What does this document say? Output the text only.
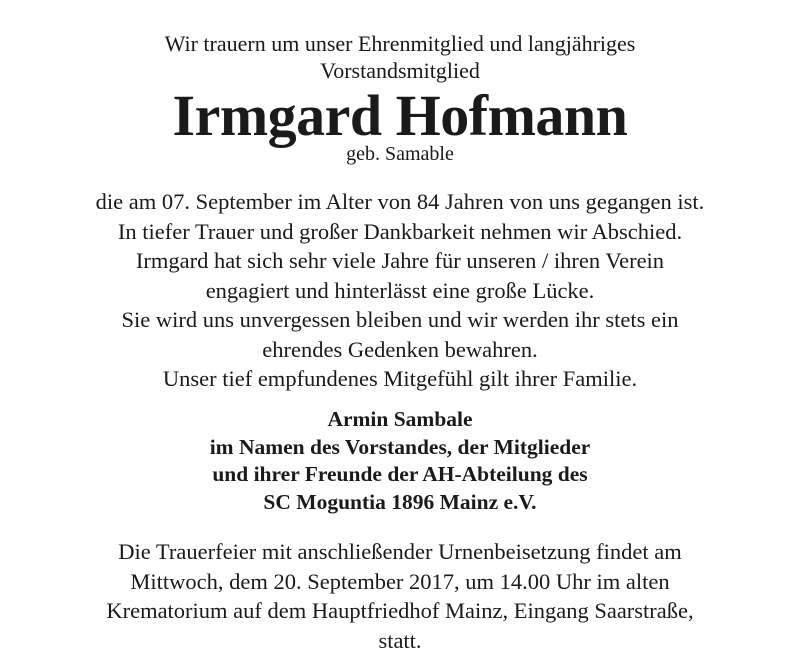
Wir trauern um unser Ehrenmitglied und langjähriges
Vorstandsmitglied
Irmgard Hofmann
geb. Samable
die am 07. September im Alter von 84 Jahren von uns gegangen ist.
In tiefer Trauer und großer Dankbarkeit nehmen wir Abschied.
Irmgard hat sich sehr viele Jahre für unseren / ihren Verein
engagiert und hinterlässt eine große Lücke.
Sie wird uns unvergessen bleiben und wir werden ihr stets ein
ehrendes Gedenken bewahren.
Unser tief empfundenes Mitgefühl gilt ihrer Familie.
Armin Sambale
im Namen des Vorstandes, der Mitglieder
und ihrer Freunde der AH-Abteilung des
SC Moguntia 1896 Mainz e.V.
Die Trauerfeier mit anschließender Urnenbeisetzung findet am
Mittwoch, dem 20. September 2017, um 14.00 Uhr im alten
Krematorium auf dem Hauptfriedhof Mainz, Eingang Saarstraße,
statt.
